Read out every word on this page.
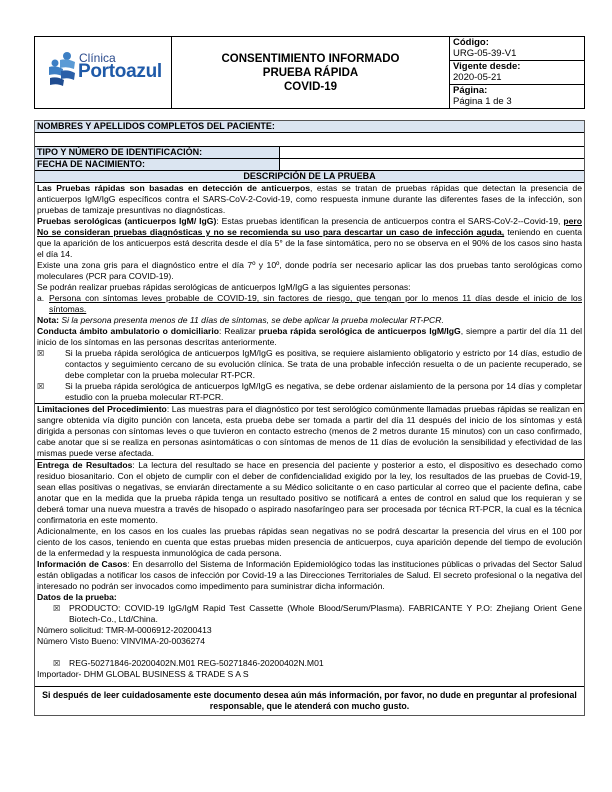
Clínica
Portoazul
CONSENTIMIENTO INFORMADO
PRUEBA RÁPIDA
COVID-19
Código:
URG-05-39-V1
Vigente desde:
2020-05-21
Página:
Página 1 de 3
NOMBRES Y APELLIDOS COMPLETOS DEL PACIENTE:
TIPO Y NÚMERO DE IDENTIFICACIÓN:
FECHA DE NACIMIENTO:
DESCRIPCIÓN DE LA PRUEBA

Las Pruebas rápidas son basadas en detección de anticuerpos, estas se tratan de pruebas rápidas que detectan la presencia de anticuerpos IgM/IgG específicos contra el SARS-CoV-2-Covid-19, como respuesta inmune durante las diferentes fases de la infección, son pruebas de tamizaje presuntivas no diagnósticas.

Pruebas serológicas (anticuerpos IgM/ IgG): Estas pruebas identifican la presencia de anticuerpos contra el SARS-CoV-2--Covid-19, pero No se consideran pruebas diagnósticas y no se recomienda su uso para descartar un caso de infección aguda, teniendo en cuenta que la aparición de los anticuerpos está descrita desde el día 5° de la fase sintomática, pero no se observa en el 90% de los casos sino hasta el día 14.

Existe una zona gris para el diagnóstico entre el día 7º y 10º, donde podría ser necesario aplicar las dos pruebas tanto serológicas como moleculares (PCR para COVID-19).

Se podrán realizar pruebas rápidas serológicas de anticuerpos IgM/IgG a las siguientes personas:

a. Persona con síntomas leves probable de COVID-19, sin factores de riesgo, que tengan por lo menos 11 días desde el inicio de los síntomas.

Nota: Si la persona presenta menos de 11 días de síntomas, se debe aplicar la prueba molecular RT-PCR.

Conducta ámbito ambulatorio o domiciliario: Realizar prueba rápida serológica de anticuerpos IgM/IgG, siempre a partir del día 11 del inicio de los síntomas en las personas descritas anteriormente.

☒	Si la prueba rápida serológica de anticuerpos IgM/IgG es positiva, se requiere aislamiento obligatorio y estricto por 14 días, estudio de contactos y seguimiento cercano de su evolución clínica. Se trata de una probable infección resuelta o de un paciente recuperado, se debe completar con la prueba molecular RT-PCR.
☒	Si la prueba rápida serológica de anticuerpos IgM/IgG es negativa, se debe ordenar aislamiento de la persona por 14 días y completar estudio con la prueba molecular RT-PCR.

Limitaciones del Procedimiento: Las muestras para el diagnóstico por test serológico comúnmente llamadas pruebas rápidas se realizan en sangre obtenida vía digito punción con lanceta, esta prueba debe ser tomada a partir del día 11 después del inicio de los síntomas y está dirigida a personas con síntomas leves o que tuvieron en contacto estrecho (menos de 2 metros durante 15 minutos) con un caso confirmado, cabe anotar que si se realiza en personas asintomáticas o con síntomas de menos de 11 días de evolución la sensibilidad y efectividad de las mismas puede verse afectada.

Entrega de Resultados: La lectura del resultado se hace en presencia del paciente y posterior a esto, el dispositivo es desechado como residuo biosanitario. Con el objeto de cumplir con el deber de confidencialidad exigido por la ley, los resultados de las pruebas de Covid-19, sean ellas positivas o negativas, se enviarán directamente a su Médico solicitante o en caso particular al correo que el paciente defina, cabe anotar que en la medida que la prueba rápida tenga un resultado positivo se notificará a entes de control en salud que los requieran y se deberá tomar una nueva muestra a través de hisopado o aspirado nasofaríngeo para ser procesada por técnica RT-PCR, la cual es la técnica confirmatoria en este momento.

Adicionalmente, en los casos en los cuales las pruebas rápidas sean negativas no se podrá descartar la presencia del virus en el 100 por ciento de los casos, teniendo en cuenta que estas pruebas miden presencia de anticuerpos, cuya aparición depende del tiempo de evolución de la enfermedad y la respuesta inmunológica de cada persona.

Información de Casos: En desarrollo del Sistema de Información Epidemiológico todas las instituciones públicas o privadas del Sector Salud están obligadas a notificar los casos de infección por Covid-19 a las Direcciones Territoriales de Salud. El secreto profesional o la negativa del interesado no podrán ser invocados como impedimento para suministrar dicha información.

Datos de la prueba:

☒	PRODUCTO: COVID-19 IgG/IgM Rapid Test Cassette (Whole Blood/Serum/Plasma). FABRICANTE Y P.O: Zhejiang Orient Gene Biotech-Co., Ltd/China.

Número solicitud: TMR-M-0006912-20200413

Número Visto Bueno: VINVIMA-20-0036274

☒	REG-50271846-20200402N.M01 REG-50271846-20200402N.M01

Importador- DHM GLOBAL BUSINESS & TRADE S A S

Si después de leer cuidadosamente este documento desea aún más información, por favor, no dude en preguntar al profesional responsable, que le atenderá con mucho gusto.
